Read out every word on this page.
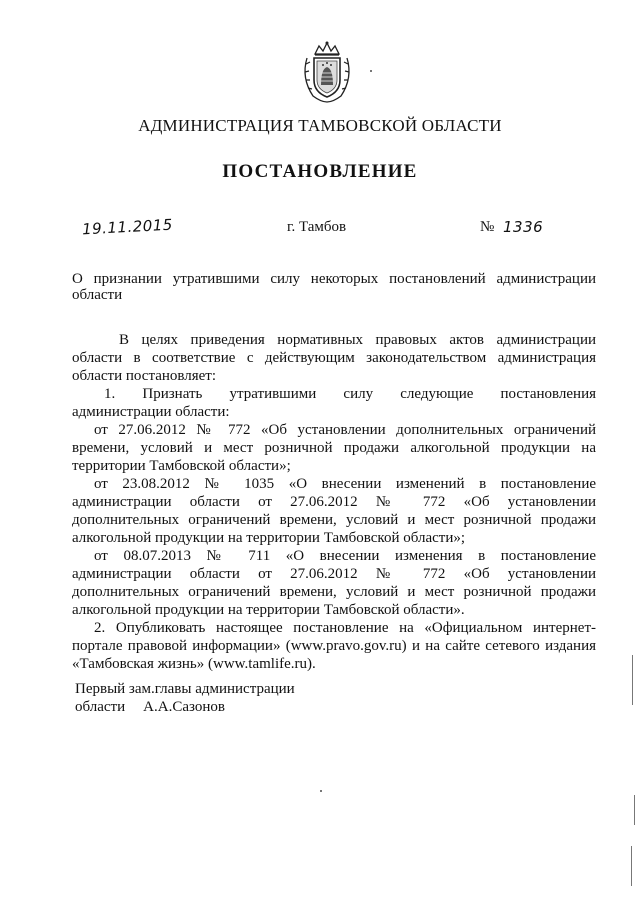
АДМИНИСТРАЦИЯ ТАМБОВСКОЙ ОБЛАСТИ
ПОСТАНОВЛЕНИЕ
19.11.2015	г. Тамбов	№ 1336
О признании утратившими силу некоторых постановлений администрации области
В целях приведения нормативных правовых актов администрации
области в соответствие с действующим законодательством администрация
области постановляет:
1. Признать утратившими силу следующие постановления
администрации области:
от 27.06.2012 № 772 «Об установлении дополнительных ограничений
времени, условий и мест розничной продажи алкогольной продукции на
территории Тамбовской области»;
от 23.08.2012 № 1035 «О внесении изменений в постановление
администрации области от 27.06.2012 № 772 «Об установлении
дополнительных ограничений времени, условий и мест розничной продажи
алкогольной продукции на территории Тамбовской области»;
от 08.07.2013 № 711 «О внесении изменения в постановление
администрации области от 27.06.2012 № 772 «Об установлении
дополнительных ограничений времени, условий и мест розничной продажи
алкогольной продукции на территории Тамбовской области».
2. Опубликовать настоящее постановление на «Официальном интернет-
портале правовой информации» (www.pravo.gov.ru) и на сайте сетевого издания
«Тамбовская жизнь» (www.tamlife.ru).
Первый зам.главы администрации
области А.А.Сазонов
